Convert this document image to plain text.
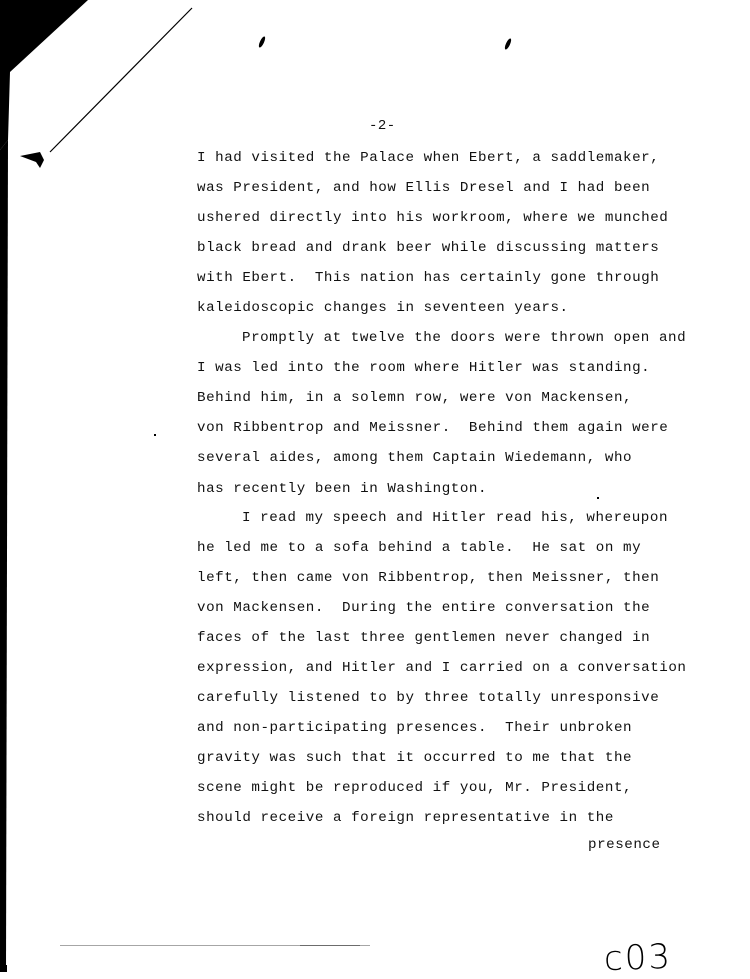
-2-
I had visited the Palace when Ebert, a saddlemaker,
was President, and how Ellis Dresel and I had been
ushered directly into his workroom, where we munched
black bread and drank beer while discussing matters
with Ebert.  This nation has certainly gone through
kaleidoscopic changes in seventeen years.
Promptly at twelve the doors were thrown open and
I was led into the room where Hitler was standing.
Behind him, in a solemn row, were von Mackensen,
von Ribbentrop and Meissner.  Behind them again were
several aides, among them Captain Wiedemann, who
has recently been in Washington.
I read my speech and Hitler read his, whereupon
he led me to a sofa behind a table.  He sat on my
left, then came von Ribbentrop, then Meissner, then
von Mackensen.  During the entire conversation the
faces of the last three gentlemen never changed in
expression, and Hitler and I carried on a conversation
carefully listened to by three totally unresponsive
and non-participating presences.  Their unbroken
gravity was such that it occurred to me that the
scene might be reproduced if you, Mr. President,
should receive a foreign representative in the
presence
c03
